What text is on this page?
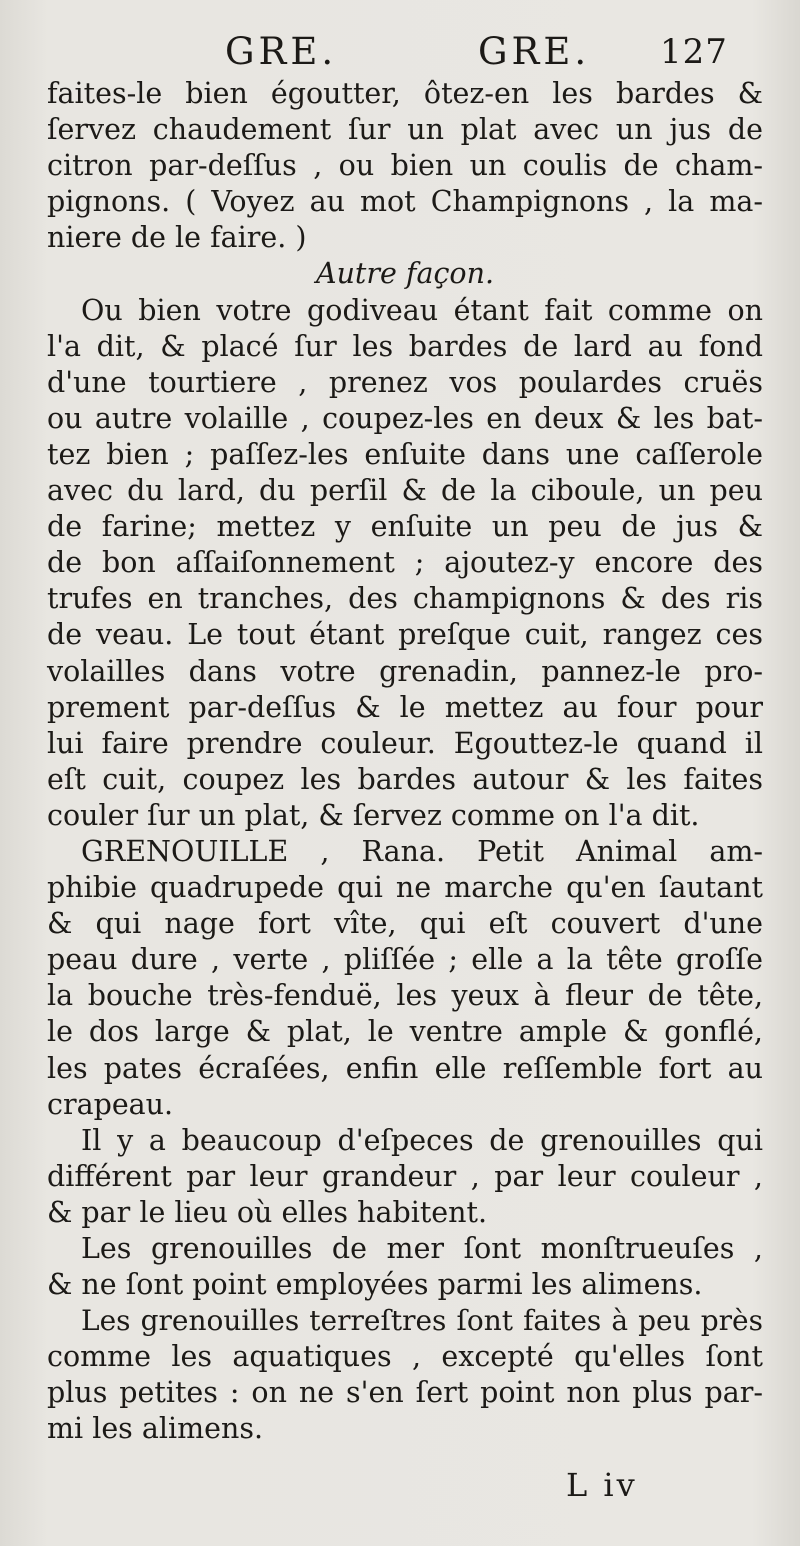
GRE.	GRE. 127
faites-le bien égoutter, ôtez-en les bardes &
ſervez chaudement ſur un plat avec un jus de
citron par-deſſus , ou bien un coulis de cham-
pignons. ( Voyez au mot Champignons , la ma-
niere de le faire. )
Autre façon.
Ou bien votre godiveau étant fait comme on
l'a dit, & placé ſur les bardes de lard au fond
d'une tourtiere , prenez vos poulardes cruës
ou autre volaille , coupez-les en deux & les bat-
tez bien ; paſſez-les enſuite dans une caſſerole
avec du lard, du perſil & de la ciboule, un peu
de farine; mettez y enſuite un peu de jus &
de bon aſſaiſonnement ; ajoutez-y encore des
trufes en tranches, des champignons & des ris
de veau. Le tout étant preſque cuit, rangez ces
volailles dans votre grenadin, pannez-le pro-
prement par-deſſus & le mettez au four pour
lui faire prendre couleur. Egouttez-le quand il
eſt cuit, coupez les bardes autour & les faites
couler ſur un plat, & ſervez comme on l'a dit.
GRENOUILLE , Rana. Petit Animal am-
phibie quadrupede qui ne marche qu'en ſautant
& qui nage fort vîte, qui eſt couvert d'une
peau dure , verte , pliſſée ; elle a la tête groſſe
la bouche très-fenduë, les yeux à fleur de tête,
le dos large & plat, le ventre ample & gonflé,
les pates écraſées, enfin elle reſſemble fort au
crapeau.
Il y a beaucoup d'eſpeces de grenouilles qui
différent par leur grandeur , par leur couleur ,
& par le lieu où elles habitent.
Les grenouilles de mer ſont monſtrueuſes ,
& ne ſont point employées parmi les alimens.
Les grenouilles terreſtres ſont faites à peu près
comme les aquatiques , excepté qu'elles ſont
plus petites : on ne s'en ſert point non plus par-
mi les alimens.
L iv
